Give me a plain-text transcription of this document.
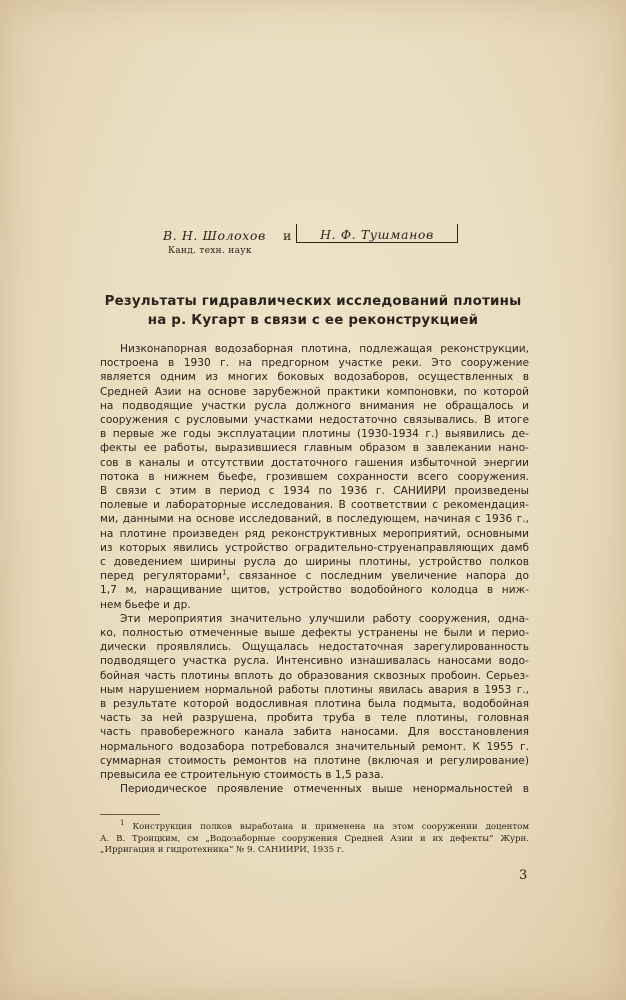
В. Н. Шолохов и	Н. Ф. Тушманов
Канд. техн. наук
Результаты гидравлических исследований плотины
на р. Кугарт в связи с ее реконструкцией

Низконапорная водозаборная плотина, подлежащая реконструкции,
построена в 1930 г. на предгорном участке реки. Это сооружение
является одним из многих боковых водозаборов, осуществленных в
Средней Азии на основе зарубежной практики компоновки, по которой
на подводящие участки русла должного внимания не обращалось и
сооружения с русловыми участками недостаточно связывались. В итоге
в первые же годы эксплуатации плотины (1930-1934 г.) выявились де-
фекты ее работы, выразившиеся главным образом в завлекании нано-
сов в каналы и отсутствии достаточного гашения избыточной энергии
потока в нижнем бьефе, грозившем сохранности всего сооружения.
В связи с этим в период с 1934 по 1936 г. САНИИРИ произведены
полевые и лабораторные исследования. В соответствии с рекомендация-
ми, данными на основе исследований, в последующем, начиная с 1936 г.,
на плотине произведен ряд реконструктивных мероприятий, основными
из которых явились устройство оградительно-струенаправляющих дамб
с доведением ширины русла до ширины плотины, устройство полков
перед регуляторами$^1$, связанное с последним увеличение напора до
1,7 м, наращивание щитов, устройство водобойного колодца в ниж-
нем бьефе и др.

Эти мероприятия значительно улучшили работу сооружения, одна-
ко, полностью отмеченные выше дефекты устранены не были и перио-
дически проявлялись. Ощущалась недостаточная зарегулированность
подводящего участка русла. Интенсивно изнашивалась наносами водо-
бойная часть плотины вплоть до образования сквозных пробоин. Серьез-
ным нарушением нормальной работы плотины явилась авария в 1953 г.,
в результате которой водосливная плотина была подмыта, водобойная
часть за ней разрушена, пробита труба в теле плотины, головная
часть правобережного канала забита наносами. Для восстановления
нормального водозабора потребовался значительный ремонт. К 1955 г.
суммарная стоимость ремонтов на плотине (включая и регулирование)
превысила ее строительную стоимость в 1,5 раза.

Периодическое проявление отмеченных выше ненормальностей в

$^1$ Конструкция полков выработана и применена на этом сооружении доцентом
А. В. Троицким, см „Водозаборные сооружения Средней Азии и их дефекты“ Журн.
„Ирригация и гидротехника“ № 9. САНИИРИ, 1935 г.
3
